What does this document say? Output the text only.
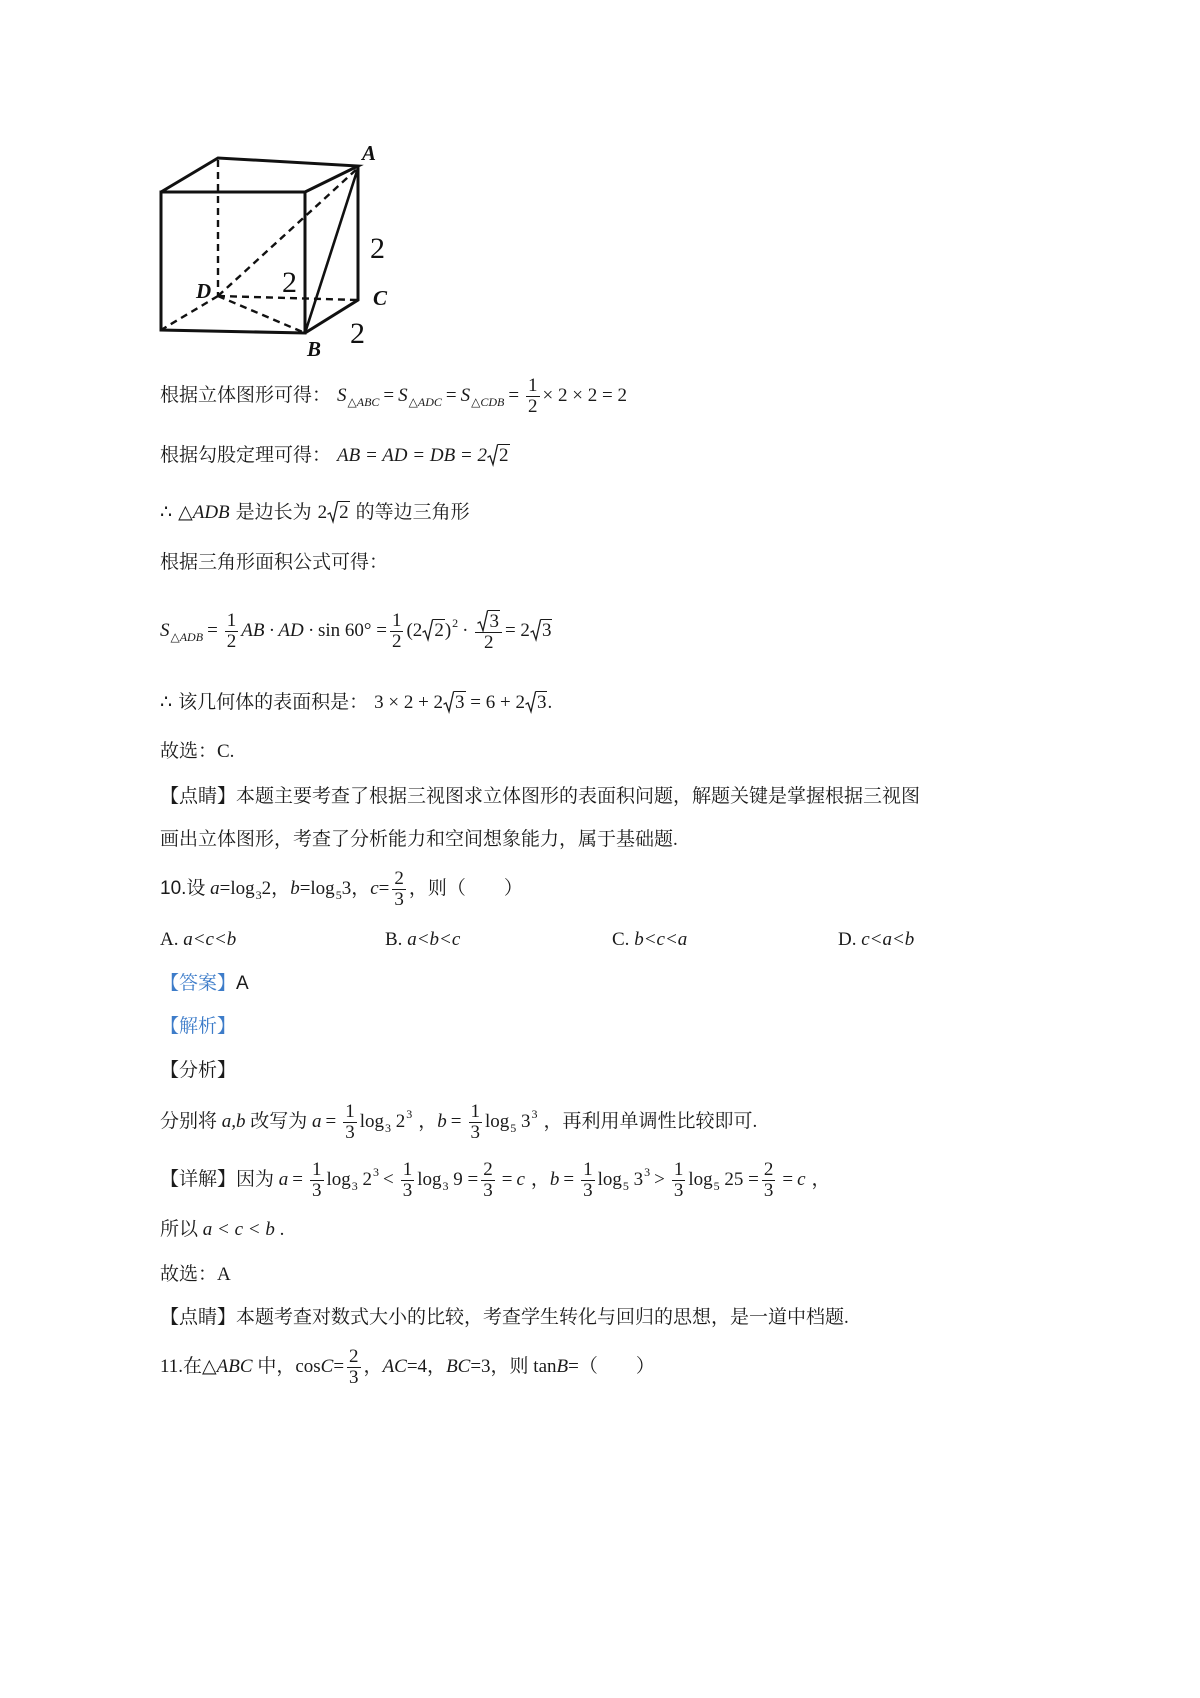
A
D	C
B
2
2
2
根据立体图形可得： $S_{\triangle ABC} = S_{\triangle ADC} = S_{\triangle CDB} = \frac{1}{2} \times 2 \times 2 = 2$
根据勾股定理可得： AB = AD = DB = 2 2
∴ △ADB 是边长为 2 2 的等边三角形
根据三角形面积公式可得：
$S_{\triangle ADB} = \frac{1}{2}$ AB · AD · $\sin 60^\circ = \frac{1}{2} (2$ $2)^2 \cdot \frac{3}{2} = 2$ 3
∴ 该几何体的表面积是： 3 × 2 + 2 3 = 6 + 2 3.
故选：C.
【点睛】本题主要考查了根据三视图求立体图形的表面积问题，解题关键是掌握根据三视图
画出立体图形，考查了分析能力和空间想象能力，属于基础题.
10.设 $a=\log_32$，$b=\log_53$，$c= \frac{2}{3}$ ，则（　　）
A. a<c<b	B. a<b<c	C. b<c<a	D. c<a<b
【答案】A
【解析】
【分析】
分别将 a,b 改写为 $a = \frac{1}{3} \log_3 2^3$ ，$b = \frac{1}{3} \log_5 3^3$ ，再利用单调性比较即可.
【详解】因为 $a = \frac{1}{3} \log_3 2^3 < \frac{1}{3} \log_3 9 = \frac{2}{3} = c$ ，$b = \frac{1}{3} \log_5 3^3 > \frac{1}{3} \log_5 25 = \frac{2}{3} = c$ ，
所以 a < c < b .
故选：A
【点睛】本题考查对数式大小的比较，考查学生转化与回归的思想，是一道中档题.
11.在△ABC 中，$\cos C= \frac{2}{3}$ ，AC=4，BC=3，则 tanB=（　　）
